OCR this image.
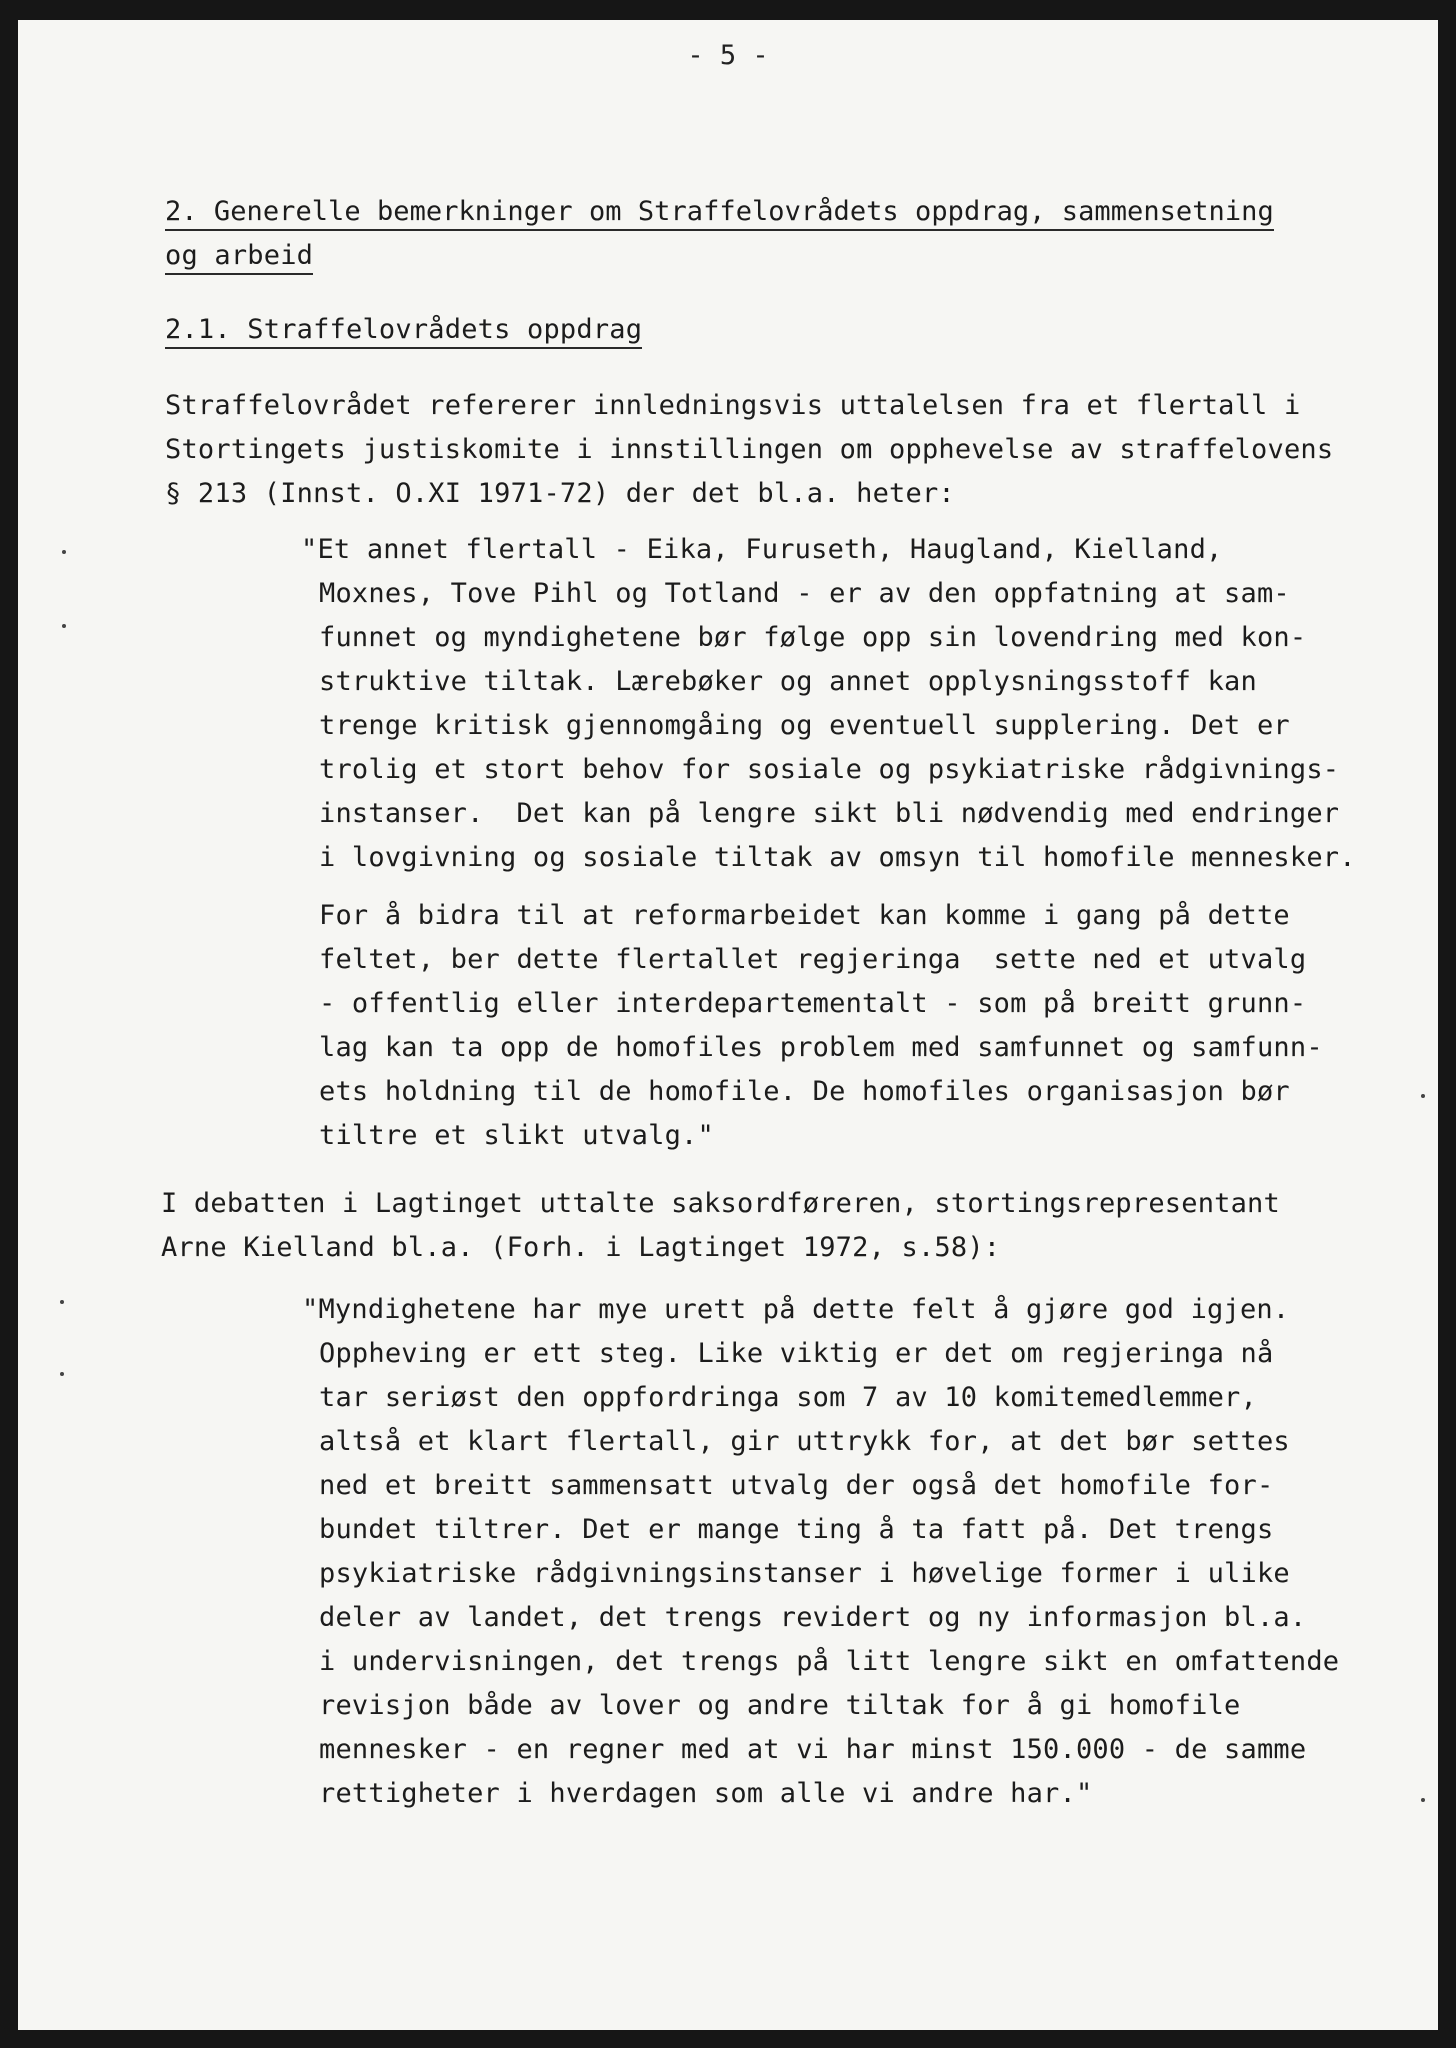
- 5 -
2. Generelle bemerkninger om Straffelovrådets oppdrag, sammensetning
og arbeid
2.1. Straffelovrådets oppdrag
Straffelovrådet refererer innledningsvis uttalelsen fra et flertall i
Stortingets justiskomite i innstillingen om opphevelse av straffelovens
§ 213 (Innst. O.XI 1971-72) der det bl.a. heter:
"Et annet flertall - Eika, Furuseth, Haugland, Kielland,
Moxnes, Tove Pihl og Totland - er av den oppfatning at sam-
funnet og myndighetene bør følge opp sin lovendring med kon-
struktive tiltak. Lærebøker og annet opplysningsstoff kan
trenge kritisk gjennomgåing og eventuell supplering. Det er
trolig et stort behov for sosiale og psykiatriske rådgivnings-
instanser.  Det kan på lengre sikt bli nødvendig med endringer
i lovgivning og sosiale tiltak av omsyn til homofile mennesker.
For å bidra til at reformarbeidet kan komme i gang på dette
feltet, ber dette flertallet regjeringa  sette ned et utvalg
- offentlig eller interdepartementalt - som på breitt grunn-
lag kan ta opp de homofiles problem med samfunnet og samfunn-
ets holdning til de homofile. De homofiles organisasjon bør
tiltre et slikt utvalg."
I debatten i Lagtinget uttalte saksordføreren, stortingsrepresentant
Arne Kielland bl.a. (Forh. i Lagtinget 1972, s.58):
"Myndighetene har mye urett på dette felt å gjøre god igjen.
Oppheving er ett steg. Like viktig er det om regjeringa nå
tar seriøst den oppfordringa som 7 av 10 komitemedlemmer,
altså et klart flertall, gir uttrykk for, at det bør settes
ned et breitt sammensatt utvalg der også det homofile for-
bundet tiltrer. Det er mange ting å ta fatt på. Det trengs
psykiatriske rådgivningsinstanser i høvelige former i ulike
deler av landet, det trengs revidert og ny informasjon bl.a.
i undervisningen, det trengs på litt lengre sikt en omfattende
revisjon både av lover og andre tiltak for å gi homofile
mennesker - en regner med at vi har minst 150.000 - de samme
rettigheter i hverdagen som alle vi andre har."
